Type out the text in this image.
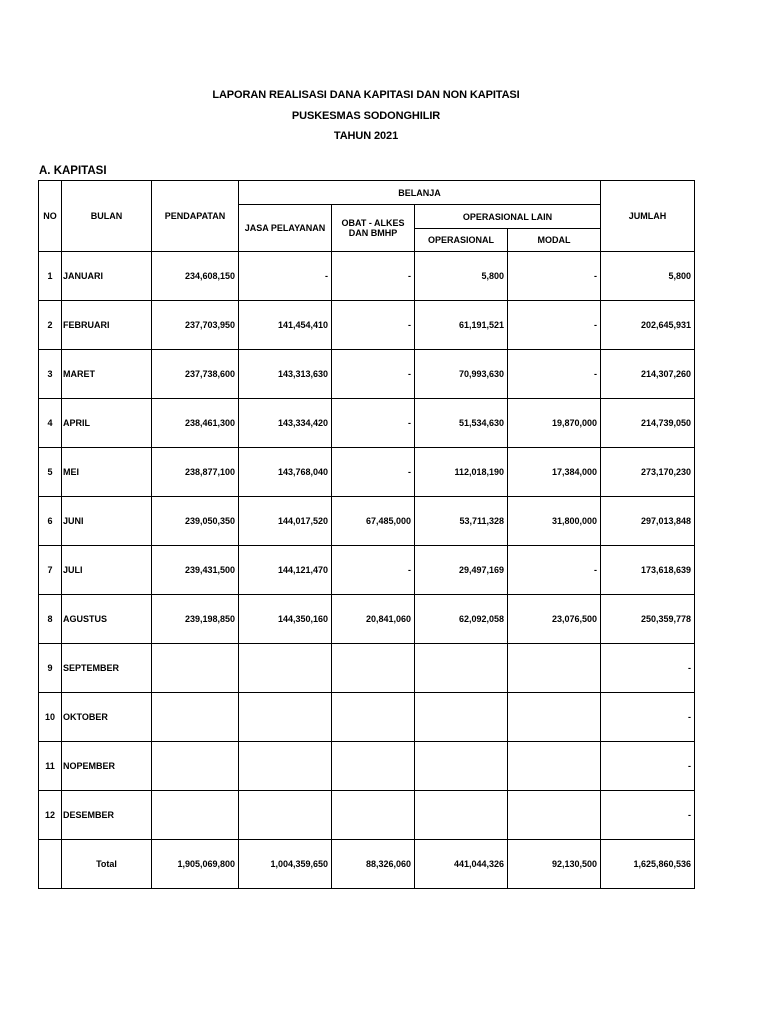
LAPORAN REALISASI DANA KAPITASI DAN NON KAPITASI
PUSKESMAS SODONGHILIR
TAHUN 2021
A. KAPITASI
NO	BULAN	PENDAPATAN	BELANJA				JUMLAH
			JASA PELAYANAN	OBAT - ALKES DAN BMHP	OPERASIONAL LAIN		
					OPERASIONAL	MODAL	
1	JANUARI	234,608,150	-	-	5,800	-	5,800
2	FEBRUARI	237,703,950	141,454,410	-	61,191,521	-	202,645,931
3	MARET	237,738,600	143,313,630	-	70,993,630	-	214,307,260
4	APRIL	238,461,300	143,334,420	-	51,534,630	19,870,000	214,739,050
5	MEI	238,877,100	143,768,040	-	112,018,190	17,384,000	273,170,230
6	JUNI	239,050,350	144,017,520	67,485,000	53,711,328	31,800,000	297,013,848
7	JULI	239,431,500	144,121,470	-	29,497,169	-	173,618,639
8	AGUSTUS	239,198,850	144,350,160	20,841,060	62,092,058	23,076,500	250,359,778
9	SEPTEMBER						-
10	OKTOBER						-
11	NOPEMBER						-
12	DESEMBER						-
	Total	1,905,069,800	1,004,359,650	88,326,060	441,044,326	92,130,500	1,625,860,536
